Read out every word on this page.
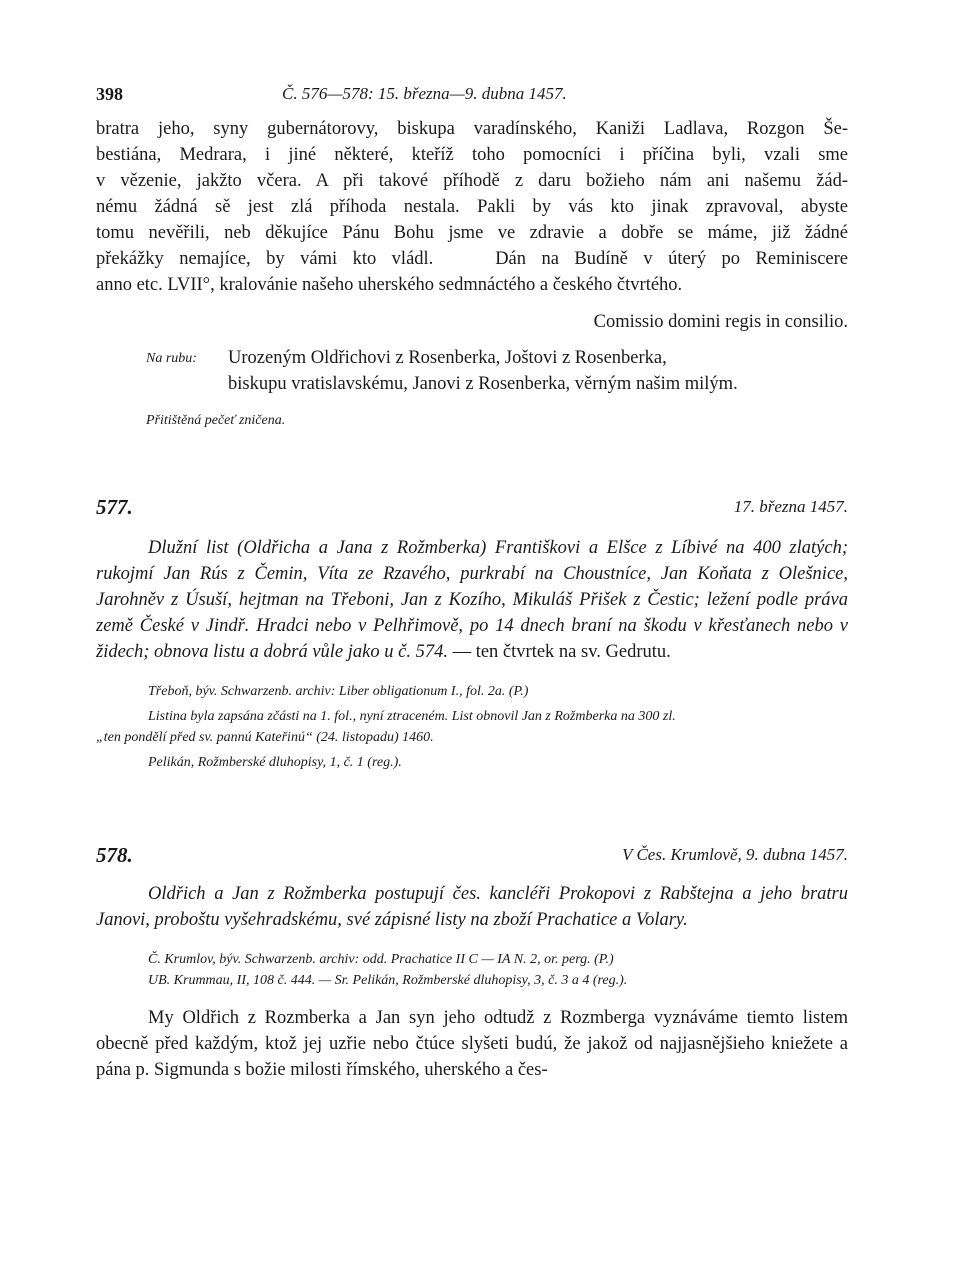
398	Č. 576—578: 15. března—9. dubna 1457.
bratra jeho, syny gubernátorovy, biskupa varadínského, Kaniži Ladlava, Rozgon Še-
bestiána, Medrara, i jiné některé, kteříž toho pomocníci i příčina byli, vzali sme
v vězenie, jakžto včera. A při takové příhodě z daru božieho nám ani našemu žád-
nému žádná sě jest zlá příhoda nestala. Pakli by vás kto jinak zpravoval, abyste
tomu nevěřili, neb děkujíce Pánu Bohu jsme ve zdravie a dobře se máme, již žádné
překážky nemajíce, by vámi kto vládl.    Dán na Budíně v úterý po Reminiscere
anno etc. LVII°, kralovánie našeho uherského sedmnáctého a českého čtvrtého.

Comissio domini regis in consilio.

Na rubu: Urozeným Oldřichovi z Rosenberka, Joštovi z Rosenberka,
biskupu vratislavskému, Janovi z Rosenberka, věrným našim milým.

Přitištěná pečeť zničena.

577.	17. března 1457.

Dlužní list (Oldřicha a Jana z Rožmberka) Františkovi a Elšce z Líbivé na 400 zlatých; rukojmí Jan Rús z Čemin, Víta ze Rzavého, purkrabí na Choustníce, Jan Koňata z Olešnice, Jarohněv z Úsuší, hejtman na Třeboni, Jan z Kozího, Mikuláš Přišek z Čestic; ležení podle práva země České v Jindř. Hradci nebo v Pelhřimově, po 14 dnech braní na škodu v křesťanech nebo v židech; obnova listu a dobrá vůle jako u č. 574. — ten čtvrtek na sv. Gedrutu.

Třeboň, býv. Schwarzenb. archiv: Liber obligationum I., fol. 2a. (P.)

Listina byla zapsána zčásti na 1. fol., nyní ztraceném. List obnovil Jan z Rožmberka na 300 zl.

„ten pondělí před sv. pannú Kateřinú“ (24. listopadu) 1460.

Pelikán, Rožmberské dluhopisy, 1, č. 1 (reg.).

578.	V Čes. Krumlově, 9. dubna 1457.

Oldřich a Jan z Rožmberka postupují čes. kancléři Prokopovi z Rabštejna a jeho bratru Janovi, proboštu vyšehradskému, své zápisné listy na zboží Prachatice a Volary.

Č. Krumlov, býv. Schwarzenb. archiv: odd. Prachatice II C — IA N. 2, or. perg. (P.)

UB. Krummau, II, 108 č. 444. — Sr. Pelikán, Rožmberské dluhopisy, 3, č. 3 a 4 (reg.).

My Oldřich z Rozmberka a Jan syn jeho odtudž z Rozmberga vyznáváme tiemto listem obecně před každým, ktož jej uzřie nebo čtúce slyšeti budú, že jakož od najjasnějšieho kniežete a pána p. Sigmunda s božie milosti římského, uherského a čes-
